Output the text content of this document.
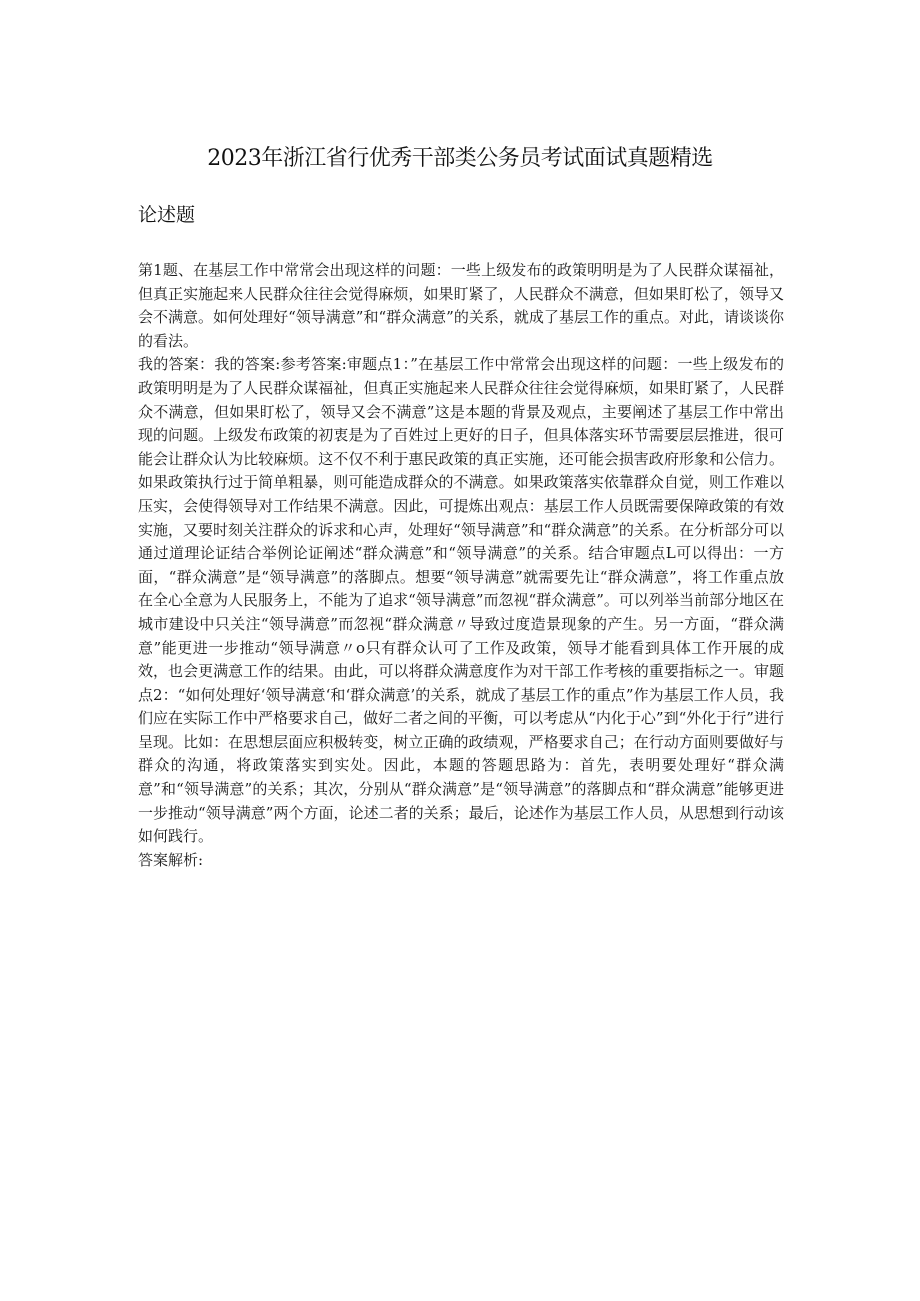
2023年浙江省行优秀干部类公务员考试面试真题精选
论述题

第1题、在基层工作中常常会出现这样的问题：一些上级发布的政策明明是为了人民群众谋福祉，但真正实施起来人民群众往往会觉得麻烦，如果盯紧了，人民群众不满意，但如果盯松了，领导又会不满意。如何处理好“领导满意”和“群众满意”的关系，就成了基层工作的重点。对此，请谈谈你的看法。

我的答案：我的答案:参考答案:审题点1：”在基层工作中常常会出现这样的问题：一些上级发布的政策明明是为了人民群众谋福祉，但真正实施起来人民群众往往会觉得麻烦，如果盯紧了，人民群众不满意，但如果盯松了，领导又会不满意”这是本题的背景及观点，主要阐述了基层工作中常出现的问题。上级发布政策的初衷是为了百姓过上更好的日子，但具体落实环节需要层层推进，很可能会让群众认为比较麻烦。这不仅不利于惠民政策的真正实施，还可能会损害政府形象和公信力。如果政策执行过于简单粗暴，则可能造成群众的不满意。如果政策落实依靠群众自觉，则工作难以压实，会使得领导对工作结果不满意。因此，可提炼出观点：基层工作人员既需要保障政策的有效实施，又要时刻关注群众的诉求和心声，处理好“领导满意”和“群众满意”的关系。在分析部分可以通过道理论证结合举例论证阐述“群众满意”和“领导满意”的关系。结合审题点L可以得出：一方面，“群众满意”是“领导满意”的落脚点。想要“领导满意”就需要先让“群众满意”，将工作重点放在全心全意为人民服务上，不能为了追求“领导满意”而忽视“群众满意”。可以列举当前部分地区在城市建设中只关注“领导满意”而忽视“群众满意〃导致过度造景现象的产生。另一方面，“群众满意”能更进一步推动“领导满意〃o只有群众认可了工作及政策，领导才能看到具体工作开展的成效，也会更满意工作的结果。由此，可以将群众满意度作为对干部工作考核的重要指标之一。审题点2：“如何处理好‘领导满意‘和‘群众满意’的关系，就成了基层工作的重点”作为基层工作人员，我们应在实际工作中严格要求自己，做好二者之间的平衡，可以考虑从“内化于心”到“外化于行”进行呈现。比如：在思想层面应积极转变，树立正确的政绩观，严格要求自己；在行动方面则要做好与群众的沟通，将政策落实到实处。因此，本题的答题思路为：首先，表明要处理好“群众满意”和“领导满意”的关系；其次，分别从“群众满意”是“领导满意”的落脚点和“群众满意”能够更进一步推动“领导满意”两个方面，论述二者的关系；最后，论述作为基层工作人员，从思想到行动该如何践行。

答案解析:
